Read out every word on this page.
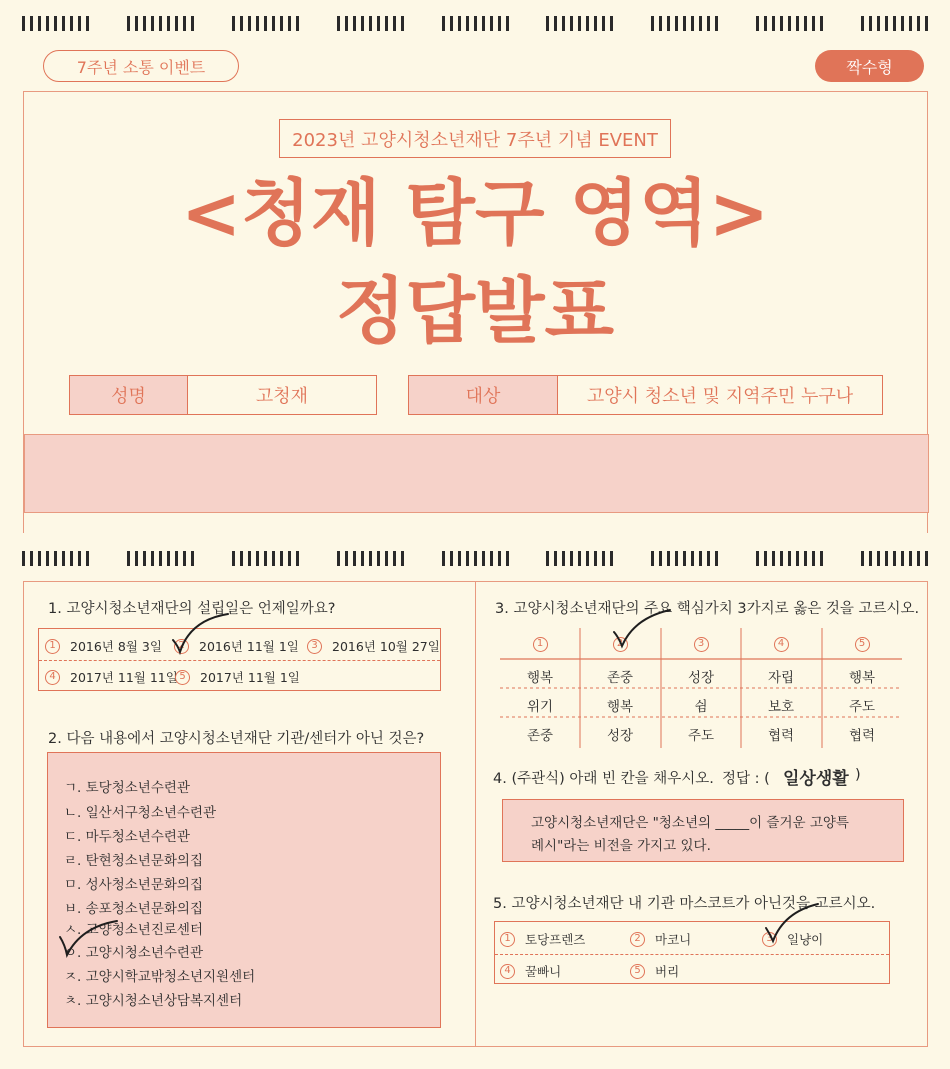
7주년 소통 이벤트	짝수형
2023년 고양시청소년재단 7주년 기념 EVENT
<청재 탐구 영역>
정답발표
성명	고청재	대상	고양시 청소년 및 지역주민 누구나
1. 고양시청소년재단의 설립일은 언제일까요?
1	2016년 8월 3일	2	2016년 11월 1일	3	2016년 10월 27일
4	2017년 11월 11일 5	2017년 11월 1일
2. 다음 내용에서 고양시청소년재단 기관/센터가 아닌 것은?
ㄱ. 토당청소년수련관
ㄴ. 일산서구청소년수련관
ㄷ. 마두청소년수련관
ㄹ. 탄현청소년문화의집
ㅁ. 성사청소년문화의집
ㅂ. 송포청소년문화의집
ㅅ. 고양청소년진로센터
ㅇ. 고양시청소년수련관
ㅈ. 고양시학교밖청소년지원센터
ㅊ. 고양시청소년상담복지센터
3. 고양시청소년재단의 주요 핵심가치 3가지로 옳은 것을 고르시오.
1	2	3	4	5
행복	존중	성장	자립	행복
위기	행복	쉼	보호	주도
존중	성장	주도	협력	협력
4. (주관식) 아래 빈 칸을 채우시오. 정답 : ( 일상생활 )

고양시청소년재단은 "청소년의 _____이 즐거운 고양특

례시"라는 비전을 가지고 있다.

5. 고양시청소년재단 내 기관 마스코트가 아닌것을 고르시오.
1	토당프렌즈	2	마코니	3	일냥이
4	꿀빠니	5	버리
